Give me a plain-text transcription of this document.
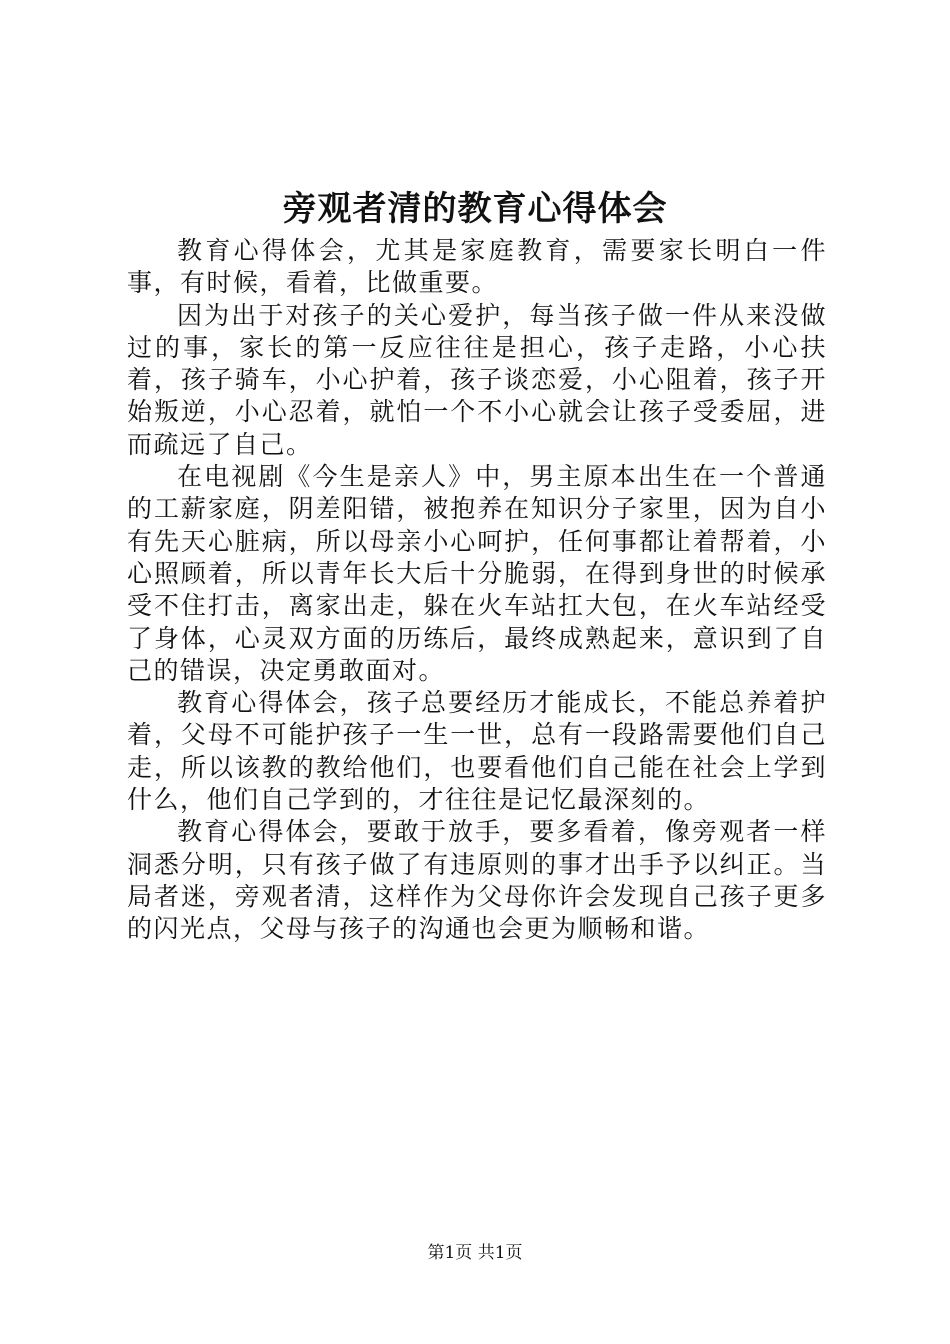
旁观者清的教育心得体会

教育心得体会，尤其是家庭教育，需要家长明白一件事，有时候，看着，比做重要。

因为出于对孩子的关心爱护，每当孩子做一件从来没做过的事，家长的第一反应往往是担心，孩子走路，小心扶着，孩子骑车，小心护着，孩子谈恋爱，小心阻着，孩子开始叛逆，小心忍着，就怕一个不小心就会让孩子受委屈，进而疏远了自己。

在电视剧《今生是亲人》中，男主原本出生在一个普通的工薪家庭，阴差阳错，被抱养在知识分子家里，因为自小有先天心脏病，所以母亲小心呵护，任何事都让着帮着，小心照顾着，所以青年长大后十分脆弱，在得到身世的时候承受不住打击，离家出走，躲在火车站扛大包，在火车站经受了身体，心灵双方面的历练后，最终成熟起来，意识到了自己的错误，决定勇敢面对。

教育心得体会，孩子总要经历才能成长，不能总养着护着，父母不可能护孩子一生一世，总有一段路需要他们自己走，所以该教的教给他们，也要看他们自己能在社会上学到什么，他们自己学到的，才往往是记忆最深刻的。

教育心得体会，要敢于放手，要多看着，像旁观者一样洞悉分明，只有孩子做了有违原则的事才出手予以纠正。当局者迷，旁观者清，这样作为父母你许会发现自己孩子更多的闪光点，父母与孩子的沟通也会更为顺畅和谐。

第1页 共1页
